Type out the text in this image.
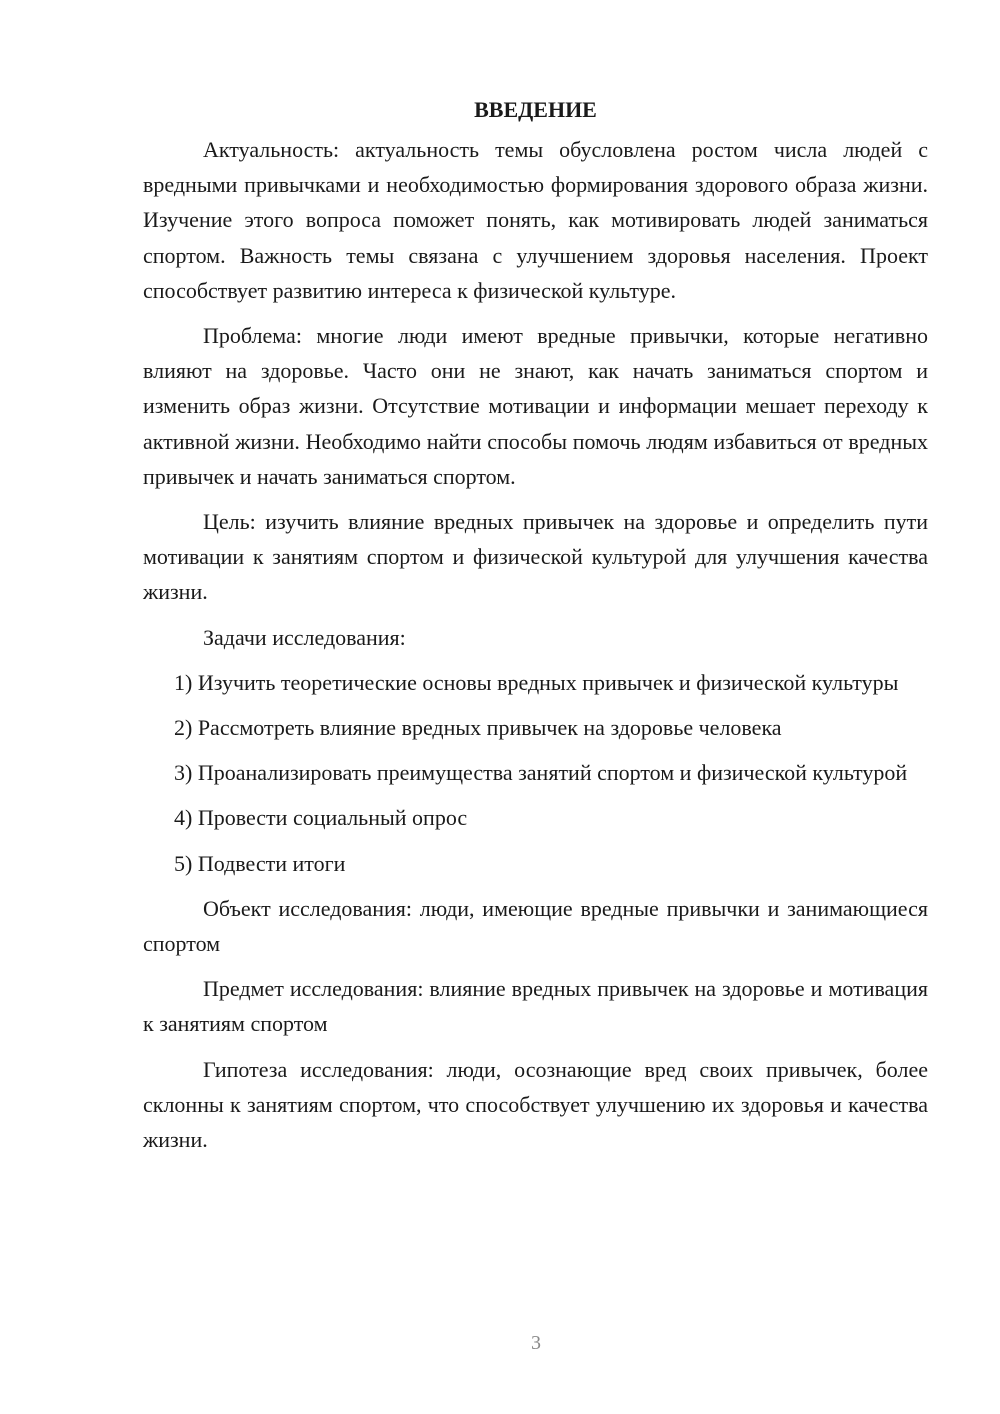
ВВЕДЕНИЕ

Актуальность: актуальность темы обусловлена ростом числа людей с вредными привычками и необходимостью формирования здорового образа жизни. Изучение этого вопроса поможет понять, как мотивировать людей заниматься спортом. Важность темы связана с улучшением здоровья населения. Проект способствует развитию интереса к физической культуре.

Проблема: многие люди имеют вредные привычки, которые негативно влияют на здоровье. Часто они не знают, как начать заниматься спортом и изменить образ жизни. Отсутствие мотивации и информации мешает переходу к активной жизни. Необходимо найти способы помочь людям избавиться от вредных привычек и начать заниматься спортом.

Цель: изучить влияние вредных привычек на здоровье и определить пути мотивации к занятиям спортом и физической культурой для улучшения качества жизни.

Задачи исследования:

1) Изучить теоретические основы вредных привычек и физической культуры

2) Рассмотреть влияние вредных привычек на здоровье человека

3) Проанализировать преимущества занятий спортом и физической культурой

4) Провести социальный опрос

5) Подвести итоги

Объект исследования: люди, имеющие вредные привычки и занимающиеся спортом

Предмет исследования: влияние вредных привычек на здоровье и мотивация к занятиям спортом

Гипотеза исследования: люди, осознающие вред своих привычек, более склонны к занятиям спортом, что способствует улучшению их здоровья и качества жизни.

3
